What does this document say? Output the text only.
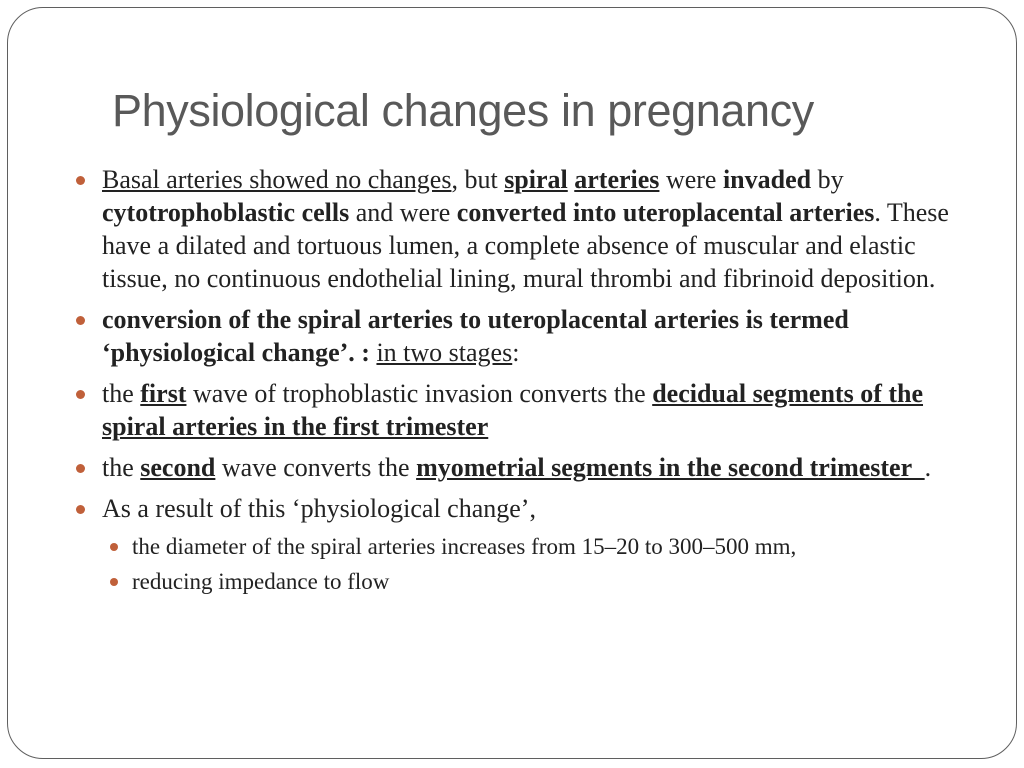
Physiological changes in pregnancy
Basal arteries showed no changes, but spiral arteries were invaded by cytotrophoblastic cells and were converted into uteroplacental arteries. These have a dilated and tortuous lumen, a complete absence of muscular and elastic tissue, no continuous endothelial lining, mural thrombi and fibrinoid deposition.
conversion of the spiral arteries to uteroplacental arteries is termed ‘physiological change’. : in two stages:
the first wave of trophoblastic invasion converts the decidual segments of the spiral arteries in the first trimester
the second wave converts the myometrial segments in the second trimester  .
As a result of this ‘physiological change’,
the diameter of the spiral arteries increases from 15–20 to 300–500 mm,
reducing impedance to flow
